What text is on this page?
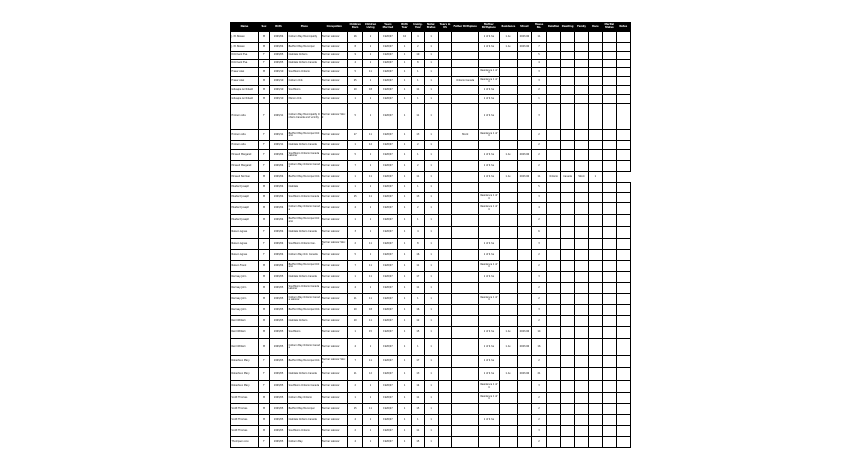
Name	Sex	Birth	Place	Occupation	Children Born	Children Living	Years Married	Birth Year	Immig. Year	Natur. Status	Years in US	Father Birthplace	Mother Birthplace	Residence	Street	House No.	Relation	Dwelling	Family	Race	Marital Status	Notes
J. M. Bowen	M	1903/04	Colburn Bay Municipality	Farmer Laborer	16	1	1920/07	10	4	1			1 of 4 ha	1 Ac.	2023.06	11						
J. M. Bowen	M	1903/04	Bedford Bay Municipal	Farmer Laborer	8	1	1920/07	1	2	1			1 of 4 ha	1 Ac.	2023.06	7						
Dimmack Eva	F	1903/05	Oakdale Ontario	Farmer Laborer	9	1	1920/07	1	10	1						5						
Dimmack Eva	F	1903/05	Oakdale Ontario Canada	Farmer Laborer	4	1	1920/07	1	8	1						4						
Fraser Alex	M	1903/10	Southboro Ontario	Farmer Laborer	5	11	1920/07	1	1	1			Residence 1 of 4			3						
Fraser Alex	M	1903/10	Colburn Ont.	Farmer Laborer	25	1	1920/07	1	1	1		Ontario Canada	Residence 1 of 4			3						
Gillespie Archibald	M	1903/10	Southboro	Farmer Laborer	10	18	1920/07	1	11	1			1 of 4 ha			2						
Gillespie Archibald	M	1903/10	Marion Ont.	Farmer Laborer	1	1	1920/07	1	1	1			1 of 4 ha			1						
Hickson Ada	F	1903/11	Colburn Bay Municipality Ontario Canada and vicinity	Farmer Laborer Stock	5	1	1920/07	1	11	1			1 of 4 ha			3						
Hickson Ada	F	1903/11	Bedford Bay Municipal Ontario	Farmer Laborer	17	11	1920/07	1	13	1		Stock	Residence 1 of 4			2						
Hickson Ada	F	1903/11	Oakdale Ontario Canada	Farmer Laborer	1	12	1920/07	1	2	1						2						
McLeod Margaret	F	1903/04	Southboro Ontario Canada Laborer	Farmer Laborer	5	1	1920/07	1	1	1			1 of 4 ha	1 Ac.	2023.06	2						
McLeod Margaret	F	1903/04	Colburn Bay Ontario Canada	Farmer Laborer	7	1	1920/07	1	2	1			1 of 4 ha			2						
McLeod Norman	M	1903/04	Bedford Bay Municipal Ont.	Farmer Laborer	1	11	1920/07	1	11	1			1 of 4 ha	1 Ac.	2023.06	11	Ontario	Canada	Stock	1		
Mustard Joseph	M	1903/04	Oakdale	Farmer Laborer	1	1	1920/07	1	1	1						5						
Mustard Joseph	M	1903/04	Southboro Ontario Canada	Farmer Laborer	15	11	1920/07	1	13	1			Residence 1 of 4			3						
Mustard Joseph	M	1903/04	Colburn Bay Ontario Canada	Farmer Laborer	4	1	1920/07	1	2	1			Residence 1 of 4			4						
Mustard Joseph	M	1903/04	Bedford Bay Municipal Ontario	Farmer Laborer	1	1	1920/07	1	1	1						2						
Nelson Agnes	F	1903/04	Oakdale Ontario Canada	Farmer Laborer	3	1	1920/07	1	4	1						6						
Nelson Agnes	F	1903/04	Southboro Ontario Can.	Farmer Laborer Stock	2	11	1920/07	1	8	1			1 of 4 ha			3						
Nelson Agnes	F	1903/04	Colburn Bay Ont. Canada	Farmer Laborer	5	1	1920/07	1	16	1			1 of 4 ha			2						
Nelson Frank	M	1903/04	Bedford Bay Municipal Ontario	Farmer Laborer	7	11	1920/07	1	11	1			Residence 1 of 4			2						
Ramsay John	M	1903/05	Oakdale Ontario Canada	Farmer Laborer	1	11	1920/07	1	17	1			1 of 4 ha			3						
Ramsay John	M	1903/05	Southboro Ontario Canada Laborer	Farmer Laborer	4	1	1920/07	1	11	1						2						
Ramsay John	M	1903/05	Colburn Bay Ontario Canada Laborer	Farmer Laborer	11	11	1920/07	1	1	1			Residence 1 of 4			2						
Ramsay John	M	1903/05	Bedford Bay Municipal Ont.	Farmer Laborer	10	18	1920/07	1	16	1						3						
Reid William	M	1903/05	Oakdale Ontario	Farmer Laborer	10	11	1920/07	1	12	1						2						
Reid William	M	1903/05	Southboro	Farmer Laborer	1	15	1920/07	1	15	1			1 of 4 ha	1 Ac.	2023.06	14						
Reid William	M	1903/05	Colburn Bay Ontario Canada	Farmer Laborer	4	1	1920/07	1	1	1			1 of 4 ha	1 Ac.	2023.06	16						
Robertson Mary	F	1903/05	Bedford Bay Municipal Ont.	Farmer Laborer Stock	7	11	1920/07	1	17	1			1 of 4 ha			2						
Robertson Mary	F	1903/05	Oakdale Ontario Canada	Farmer Laborer	11	12	1920/07	1	13	1			1 of 4 ha	1 Ac.	2023.06	21						
Robertson Mary	F	1903/05	Southboro Ontario Canada	Farmer Laborer	2	1	1920/07	1	14	1			Residence 1 of 4			3						
Scott Thomas	M	1903/05	Colburn Bay Ontario	Farmer Laborer	1	1	1920/07	1	11	1			Residence 1 of 4			2						
Scott Thomas	M	1903/05	Bedford Bay Municipal	Farmer Laborer	15	11	1920/07	1	15	1						2						
Scott Thomas	M	1903/05	Oakdale Ontario Canada	Farmer Laborer	4	1	1920/07	1	1	1			1 of 4 ha			2						
Scott Thomas	M	1903/05	Southboro Ontario	Farmer Laborer	2	1	1920/07	1	11	1						3						
Thompson Ann	F	1903/05	Colburn Bay	Farmer Laborer	4	1	1920/07	1	15	1						2						
